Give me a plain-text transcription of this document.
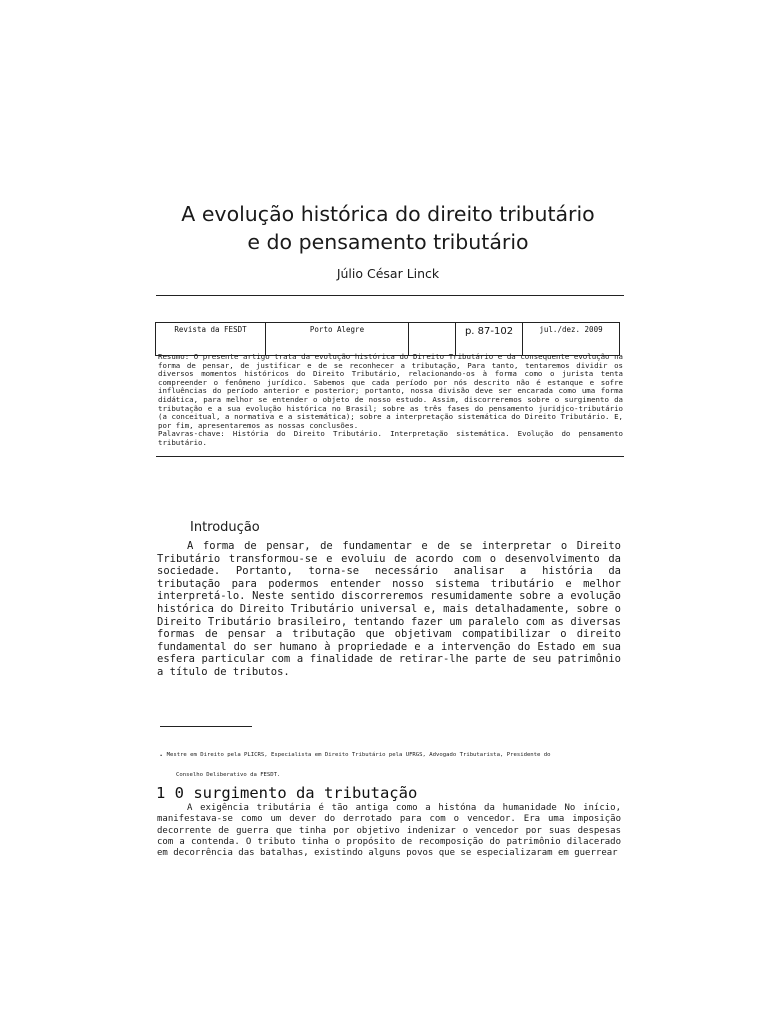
A evolução histórica do direito tributário
e do pensamento tributário
Júlio César Linck
Revista da FESDT	Porto Alegre		p. 87-102	jul./dez. 2009

Resumo: O presente artigo trata da evolução histórica do Direito Tributário e da consequente evolução na forma de pensar, de justificar e de se reconhecer a tributação, Para tanto, tentaremos dividir os diversos momentos históricos do Direito Tributário, relacionando-os à forma como o jurista tenta compreender o fenômeno jurídico. Sabemos que cada período por nós descrito não é estanque e sofre influências do período anterior e posterior; portanto, nossa divisão deve ser encarada como uma forma didática, para melhor se entender o objeto de nosso estudo. Assim, discorreremos sobre o surgimento da tributação e a sua evolução histórica no Brasil; sobre as três fases do pensamento juridjco-tributário (a conceitual, a normativa e a sistemática); sobre a interpretação sistemática do Direito Tributário. E, por fim, apresentaremos as nossas conclusões.

Palavras-chave: História do Direito Tributário. Interpretação sistemática. Evolução do pensamento tributário.

Introdução

A forma de pensar, de fundamentar e de se interpretar o Direito Tributário transformou-se e evoluiu de acordo com o desenvolvimento da sociedade. Portanto, torna-se necessário analisar a história da tributação para podermos entender nosso sistema tributário e melhor interpretá-lo. Neste sentido discorreremos resumidamente sobre a evolução histórica do Direito Tributário universal e, mais detalhadamente, sobre o Direito Tributário brasileiro, tentando fazer um paralelo com as diversas formas de pensar a tributação que objetivam compatibilizar o direito fundamental do ser humano à propriedade e a intervenção do Estado em sua esfera particular com a finalidade de retirar-lhe parte de seu patrimônio a título de tributos.

. Mestre em Direito pela PLICRS, Especialista em Direito Tributário pela UFRGS, Advogado Tributarista, Presidente do
Conselho Deliberativo da FESDT.
1 0 surgimento da tributação

A exigência tributária é tão antiga como a históna da humanidade No início, manifestava-se como um dever do derrotado para com o vencedor. Era uma imposição decorrente de guerra que tinha por objetivo indenizar o vencedor por suas despesas com a contenda. O tributo tinha o propósito de recomposição do patrimônio dilacerado em decorrência das batalhas, existindo alguns povos que se especializaram em guerrear
